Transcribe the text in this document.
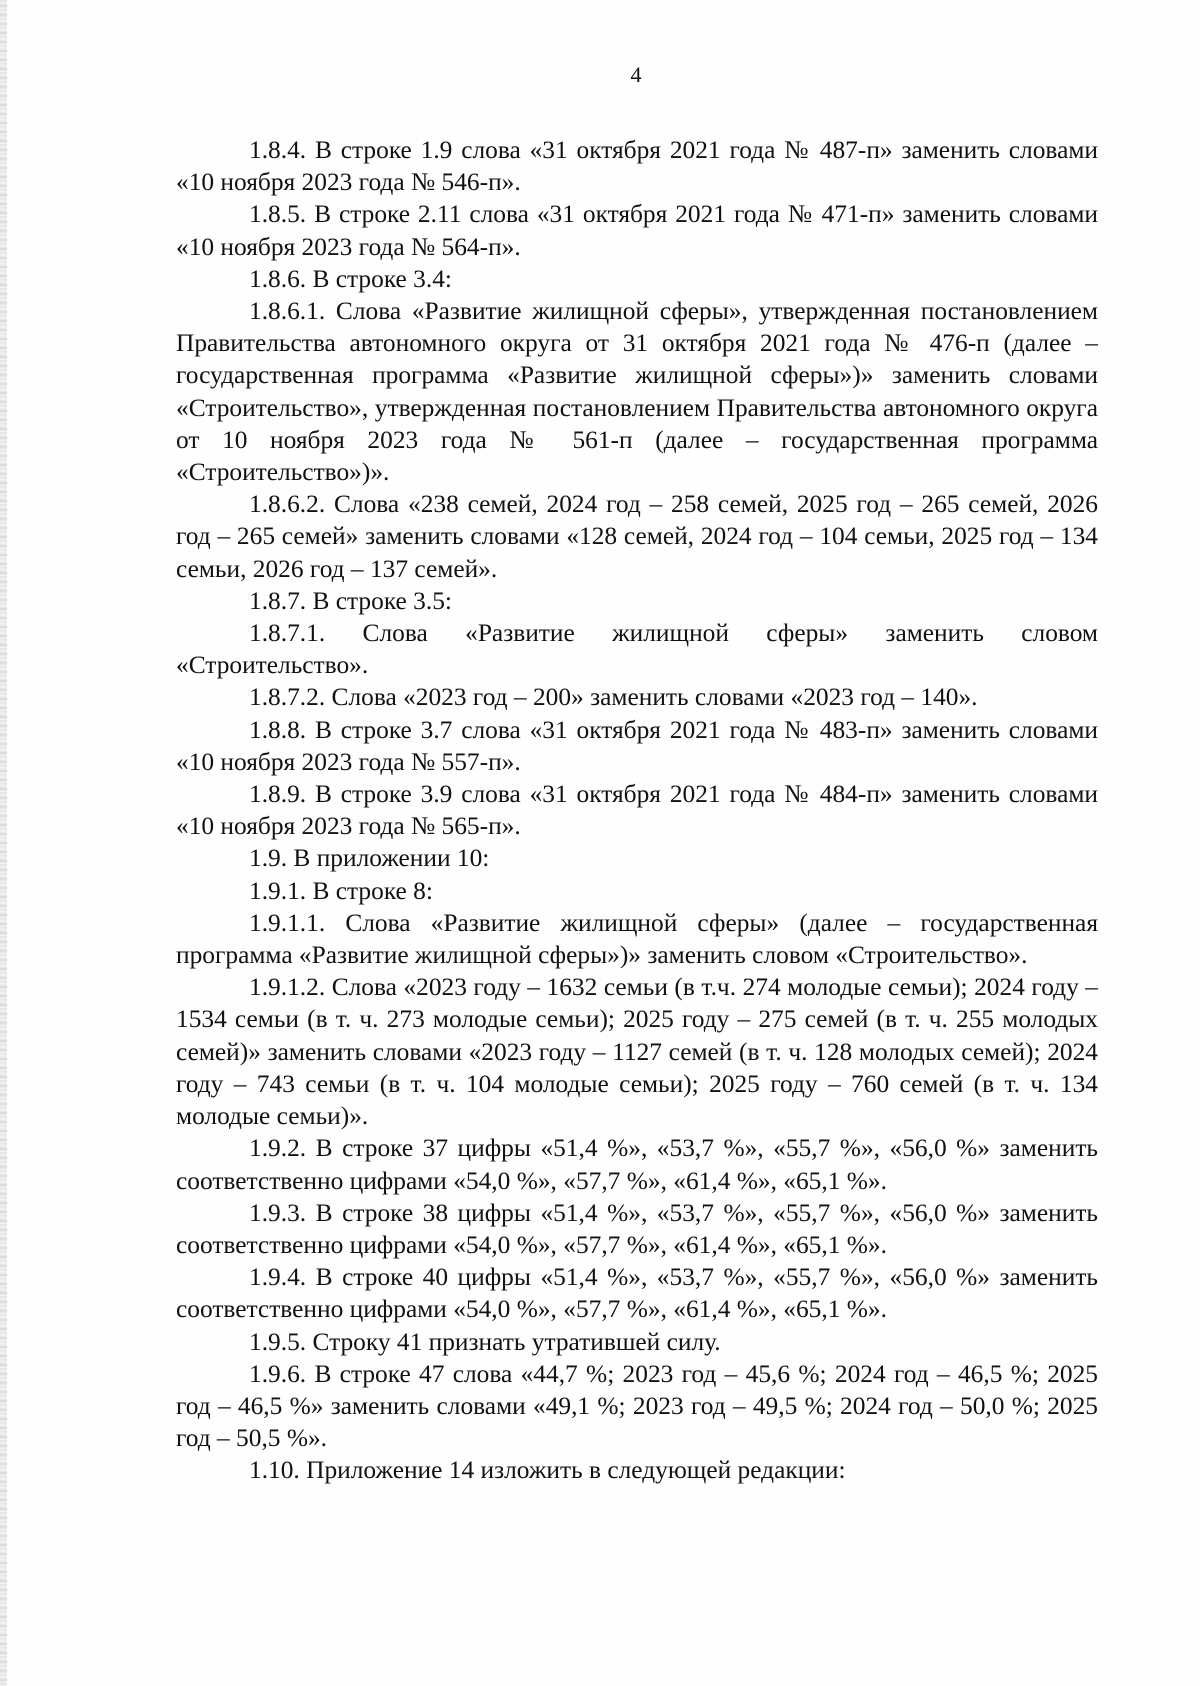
4

1.8.4. В строке 1.9 слова «31 октября 2021 года № 487-п» заменить словами «10 ноября 2023 года № 546-п».

1.8.5. В строке 2.11 слова «31 октября 2021 года № 471-п» заменить словами «10 ноября 2023 года № 564-п».

1.8.6. В строке 3.4:

1.8.6.1. Слова «Развитие жилищной сферы», утвержденная постановлением Правительства автономного округа от 31 октября 2021 года № 476-п (далее – государственная программа «Развитие жилищной сферы»)» заменить словами «Строительство», утвержденная постановлением Правительства автономного округа от 10 ноября 2023 года № 561-п (далее – государственная программа «Строительство»)».

1.8.6.2. Слова «238 семей, 2024 год – 258 семей, 2025 год – 265 семей, 2026 год – 265 семей» заменить словами «128 семей, 2024 год – 104 семьи, 2025 год – 134 семьи, 2026 год – 137 семей».

1.8.7. В строке 3.5:

1.8.7.1. Слова «Развитие жилищной сферы» заменить словом «Строительство».

1.8.7.2. Слова «2023 год – 200» заменить словами «2023 год – 140».

1.8.8. В строке 3.7 слова «31 октября 2021 года № 483-п» заменить словами «10 ноября 2023 года № 557-п».

1.8.9. В строке 3.9 слова «31 октября 2021 года № 484-п» заменить словами «10 ноября 2023 года № 565-п».

1.9. В приложении 10:

1.9.1. В строке 8:

1.9.1.1. Слова «Развитие жилищной сферы» (далее – государственная программа «Развитие жилищной сферы»)» заменить словом «Строительство».

1.9.1.2. Слова «2023 году – 1632 семьи (в т.ч. 274 молодые семьи); 2024 году – 1534 семьи (в т. ч. 273 молодые семьи); 2025 году – 275 семей (в т. ч. 255 молодых семей)» заменить словами «2023 году – 1127 семей (в т. ч. 128 молодых семей); 2024 году – 743 семьи (в т. ч. 104 молодые семьи); 2025 году – 760 семей (в т. ч. 134 молодые семьи)».

1.9.2. В строке 37 цифры «51,4 %», «53,7 %», «55,7 %», «56,0 %» заменить соответственно цифрами «54,0 %», «57,7 %», «61,4 %», «65,1 %».

1.9.3. В строке 38 цифры «51,4 %», «53,7 %», «55,7 %», «56,0 %» заменить соответственно цифрами «54,0 %», «57,7 %», «61,4 %», «65,1 %».

1.9.4. В строке 40 цифры «51,4 %», «53,7 %», «55,7 %», «56,0 %» заменить соответственно цифрами «54,0 %», «57,7 %», «61,4 %», «65,1 %».

1.9.5. Строку 41 признать утратившей силу.

1.9.6. В строке 47 слова «44,7 %; 2023 год – 45,6 %; 2024 год – 46,5 %; 2025 год – 46,5 %» заменить словами «49,1 %; 2023 год – 49,5 %; 2024 год – 50,0 %; 2025 год – 50,5 %».

1.10. Приложение 14 изложить в следующей редакции:
